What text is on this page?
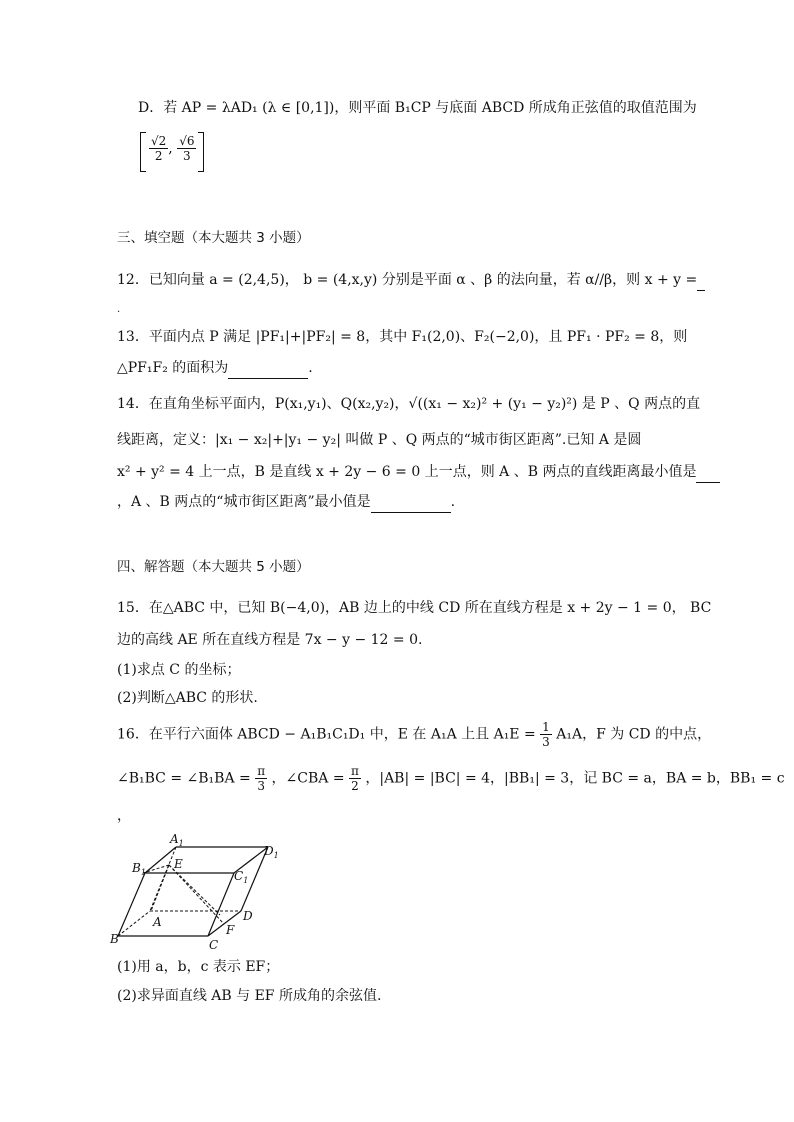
D．若 AP = λAD₁ (λ ∈ [0,1])，则平面 B₁CP 与底面 ABCD 所成角正弦值的取值范围为
$\frac{√2}{2}$ , $\frac{√6}{3}$
三、填空题（本大题共 3 小题）
12．已知向量 a = (2,4,5)， b = (4,x,y) 分别是平面 α 、β 的法向量，若 α//β，则 x + y =
.
13．平面内点 P 满足 |PF₁|+|PF₂| = 8，其中 F₁(2,0)、F₂(−2,0)，且 PF₁ · PF₂ = 8，则
△PF₁F₂ 的面积为	.
14．在直角坐标平面内，P(x₁,y₁)、Q(x₂,y₂)，√((x₁ − x₂)² + (y₁ − y₂)²) 是 P 、Q 两点的直
线距离，定义：|x₁ − x₂|+|y₁ − y₂| 叫做 P 、Q 两点的“城市街区距离”.已知 A 是圆
x² + y² = 4 上一点，B 是直线 x + 2y − 6 = 0 上一点，则 A 、B 两点的直线距离最小值是
，A 、B 两点的“城市街区距离”最小值是	.
四、解答题（本大题共 5 小题）
15．在△ABC 中，已知 B(−4,0)，AB 边上的中线 CD 所在直线方程是 x + 2y − 1 = 0， BC
边的高线 AE 所在直线方程是 7x − y − 12 = 0.
(1)求点 C 的坐标；
(2)判断△ABC 的形状.
16．在平行六面体 ABCD − A₁B₁C₁D₁ 中，E 在 A₁A 上且 $A_1E = \frac{1}{3} A_1A$，F 为 CD 的中点，
∠B₁BC = ∠B₁BA = $\frac{\pi}{3}$ ，∠CBA = $\frac{\pi}{2}$ ，|AB| = |BC| = 4，|BB₁| = 3，记 BC = a，BA = b，BB₁ = c
，
$A_1$
$B_1$	$C_1$
$D_1$
E
A
B	C
D
F
(1)用 a，b，c 表示 EF；
(2)求异面直线 AB 与 EF 所成角的余弦值.
